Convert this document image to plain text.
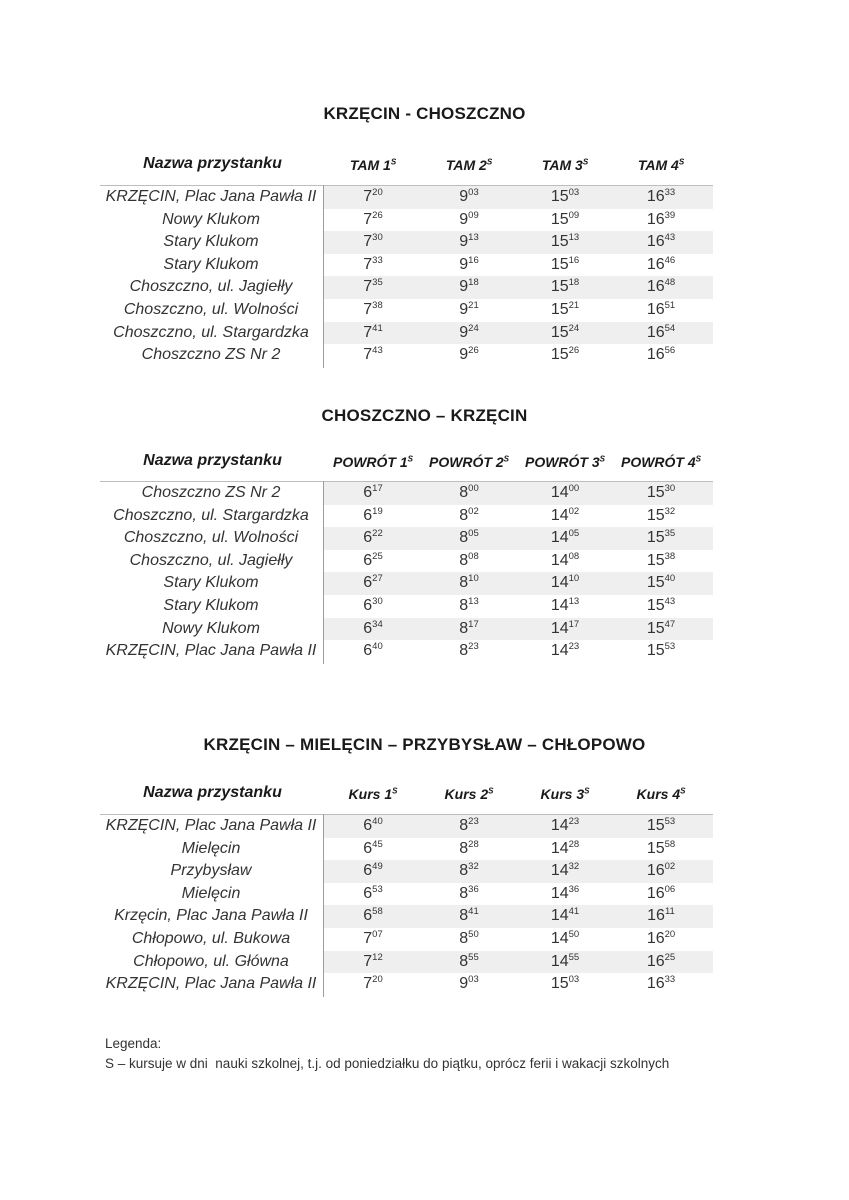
KRZĘCIN - CHOSZCZNO
Nazwa przystanku	TAM $1^S$	TAM $2^S$	TAM $3^S$	TAM $4^S$
KRZĘCIN, Plac Jana Pawła II	$7^{20}$	$9^{03}$	$15^{03}$	$16^{33}$
Nowy Klukom	$7^{26}$	$9^{09}$	$15^{09}$	$16^{39}$
Stary Klukom	$7^{30}$	$9^{13}$	$15^{13}$	$16^{43}$
Stary Klukom	$7^{33}$	$9^{16}$	$15^{16}$	$16^{46}$
Choszczno, ul. Jagiełły	$7^{35}$	$9^{18}$	$15^{18}$	$16^{48}$
Choszczno, ul. Wolności	$7^{38}$	$9^{21}$	$15^{21}$	$16^{51}$
Choszczno, ul. Stargardzka	$7^{41}$	$9^{24}$	$15^{24}$	$16^{54}$
Choszczno ZS Nr 2	$7^{43}$	$9^{26}$	$15^{26}$	$16^{56}$
CHOSZCZNO – KRZĘCIN
Nazwa przystanku	POWRÓT $1^S$	POWRÓT $2^S$	POWRÓT $3^S$	POWRÓT $4^S$
Choszczno ZS Nr 2	$6^{17}$	$8^{00}$	$14^{00}$	$15^{30}$
Choszczno, ul. Stargardzka	$6^{19}$	$8^{02}$	$14^{02}$	$15^{32}$
Choszczno, ul. Wolności	$6^{22}$	$8^{05}$	$14^{05}$	$15^{35}$
Choszczno, ul. Jagiełły	$6^{25}$	$8^{08}$	$14^{08}$	$15^{38}$
Stary Klukom	$6^{27}$	$8^{10}$	$14^{10}$	$15^{40}$
Stary Klukom	$6^{30}$	$8^{13}$	$14^{13}$	$15^{43}$
Nowy Klukom	$6^{34}$	$8^{17}$	$14^{17}$	$15^{47}$
KRZĘCIN, Plac Jana Pawła II	$6^{40}$	$8^{23}$	$14^{23}$	$15^{53}$
KRZĘCIN – MIELĘCIN – PRZYBYSŁAW – CHŁOPOWO
Nazwa przystanku	Kurs $1^S$	Kurs $2^S$	Kurs $3^S$	Kurs $4^S$
KRZĘCIN, Plac Jana Pawła II	$6^{40}$	$8^{23}$	$14^{23}$	$15^{53}$
Mielęcin	$6^{45}$	$8^{28}$	$14^{28}$	$15^{58}$
Przybysław	$6^{49}$	$8^{32}$	$14^{32}$	$16^{02}$
Mielęcin	$6^{53}$	$8^{36}$	$14^{36}$	$16^{06}$
Krzęcin, Plac Jana Pawła II	$6^{58}$	$8^{41}$	$14^{41}$	$16^{11}$
Chłopowo, ul. Bukowa	$7^{07}$	$8^{50}$	$14^{50}$	$16^{20}$
Chłopowo, ul. Główna	$7^{12}$	$8^{55}$	$14^{55}$	$16^{25}$
KRZĘCIN, Plac Jana Pawła II	$7^{20}$	$9^{03}$	$15^{03}$	$16^{33}$
Legenda:
S – kursuje w dni  nauki szkolnej, t.j. od poniedziałku do piątku, oprócz ferii i wakacji szkolnych
